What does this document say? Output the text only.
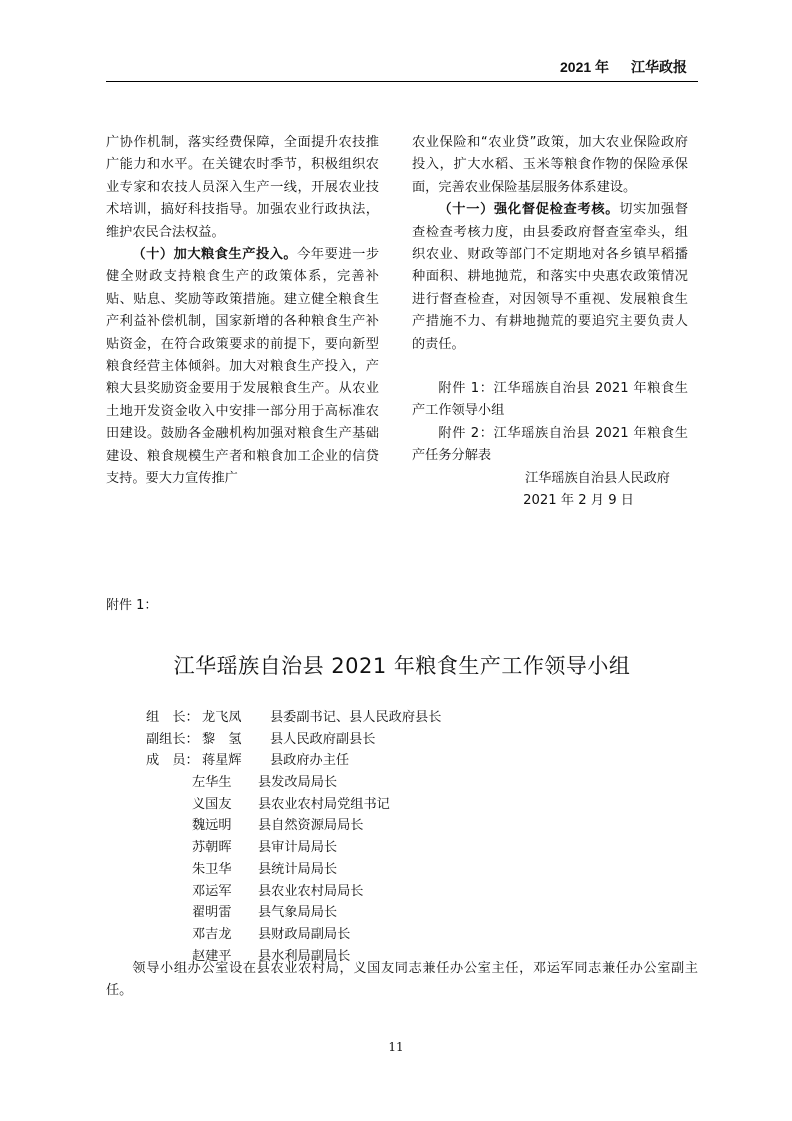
2021 年 江华政报

广协作机制，落实经费保障，全面提升农技推广能力和水平。在关键农时季节，积极组织农业专家和农技人员深入生产一线，开展农业技术培训，搞好科技指导。加强农业行政执法，维护农民合法权益。

（十）加大粮食生产投入。今年要进一步健全财政支持粮食生产的政策体系，完善补贴、贴息、奖励等政策措施。建立健全粮食生产利益补偿机制，国家新增的各种粮食生产补贴资金，在符合政策要求的前提下，要向新型粮食经营主体倾斜。加大对粮食生产投入，产粮大县奖励资金要用于发展粮食生产。从农业土地开发资金收入中安排一部分用于高标准农田建设。鼓励各金融机构加强对粮食生产基础建设、粮食规模生产者和粮食加工企业的信贷支持。要大力宣传推广

农业保险和“农业贷”政策，加大农业保险政府投入，扩大水稻、玉米等粮食作物的保险承保面，完善农业保险基层服务体系建设。

（十一）强化督促检查考核。切实加强督查检查考核力度，由县委政府督查室牵头，组织农业、财政等部门不定期地对各乡镇早稻播种面积、耕地抛荒，和落实中央惠农政策情况进行督查检查，对因领导不重视、发展粮食生产措施不力、有耕地抛荒的要追究主要负责人的责任。

附件 1：江华瑶族自治县 2021 年粮食生产工作领导小组

附件 2：江华瑶族自治县 2021 年粮食生产任务分解表

江华瑶族自治县人民政府

2021 年 2 月 9 日

附件 1：
江华瑶族自治县 2021 年粮食生产工作领导小组
组　长： 龙飞凤	县委副书记、县人民政府县长
副组长： 黎　氢	县人民政府副县长
成　员： 蒋星辉	县政府办主任
左华生	县发改局局长
义国友	县农业农村局党组书记
魏远明	县自然资源局局长
苏朝晖	县审计局局长
朱卫华	县统计局局长
邓运军	县农业农村局局长
翟明雷	县气象局局长
邓吉龙	县财政局副局长
赵建平	县水利局副局长

领导小组办公室设在县农业农村局，义国友同志兼任办公室主任，邓运军同志兼任办公室副主任。

11
